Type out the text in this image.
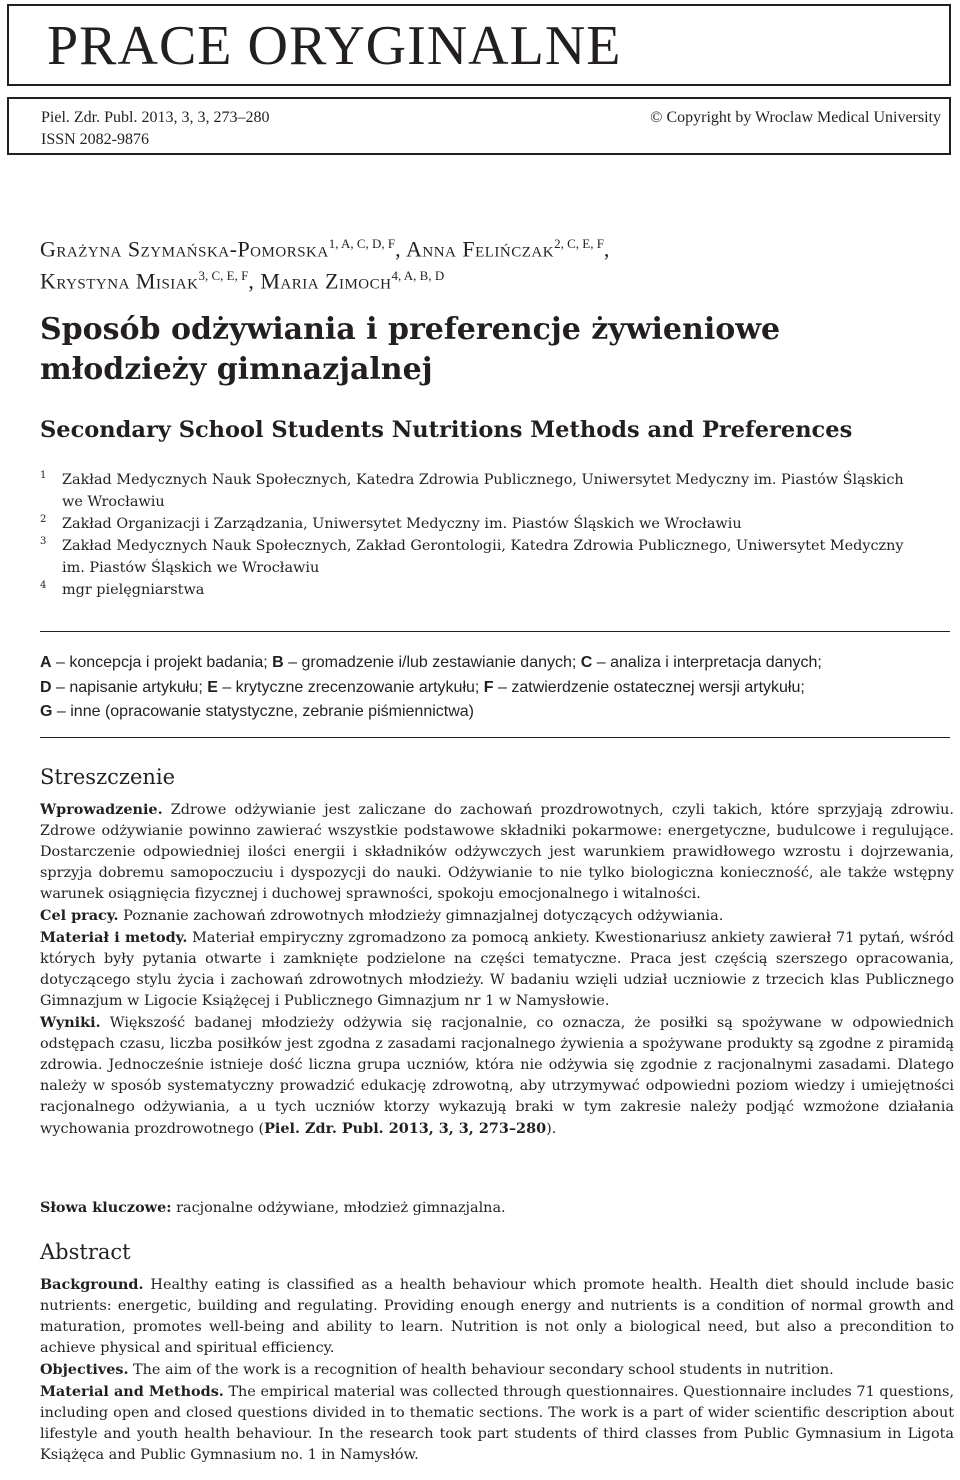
PRACE ORYGINALNE
Piel. Zdr. Publ. 2013, 3, 3, 273–280
ISSN 2082-9876
© Copyright by Wroclaw Medical University
Grażyna Szymańska-Pomorska$^{1, A, C, D, F}$, Anna Felińczak$^{2, C, E, F}$,
Krystyna Misiak$^{3, C, E, F}$, Maria Zimoch$^{4, A, B, D}$
Sposób odżywiania i preferencje żywieniowe młodzieży gimnazjalnej
Secondary School Students Nutritions Methods and Preferences
1 Zakład Medycznych Nauk Społecznych, Katedra Zdrowia Publicznego, Uniwersytet Medyczny im. Piastów Śląskich we Wrocławiu
2 Zakład Organizacji i Zarządzania, Uniwersytet Medyczny im. Piastów Śląskich we Wrocławiu
3 Zakład Medycznych Nauk Społecznych, Zakład Gerontologii, Katedra Zdrowia Publicznego, Uniwersytet Medyczny im. Piastów Śląskich we Wrocławiu
4 mgr pielęgniarstwa
A – koncepcja i projekt badania; B – gromadzenie i/lub zestawianie danych; C – analiza i interpretacja danych;
D – napisanie artykułu; E – krytyczne zrecenzowanie artykułu; F – zatwierdzenie ostatecznej wersji artykułu;
G – inne (opracowanie statystyczne, zebranie piśmiennictwa)
Streszczenie

Wprowadzenie. Zdrowe odżywianie jest zaliczane do zachowań prozdrowotnych, czyli takich, które sprzyjają zdrowiu. Zdrowe odżywianie powinno zawierać wszystkie podstawowe składniki pokarmowe: energetyczne, budulcowe i regulujące. Dostarczenie odpowiedniej ilości energii i składników odżywczych jest warunkiem prawidłowego wzrostu i dojrzewania, sprzyja dobremu samopoczuciu i dyspozycji do nauki. Odżywianie to nie tylko biologiczna konieczność, ale także wstępny warunek osiągnięcia fizycznej i duchowej sprawności, spokoju emocjonalnego i witalności.

Cel pracy. Poznanie zachowań zdrowotnych młodzieży gimnazjalnej dotyczących odżywiania.

Materiał i metody. Materiał empiryczny zgromadzono za pomocą ankiety. Kwestionariusz ankiety zawierał 71 pytań, wśród których były pytania otwarte i zamknięte podzielone na części tematyczne. Praca jest częścią szerszego opracowania, dotyczącego stylu życia i zachowań zdrowotnych młodzieży. W badaniu wzięli udział uczniowie z trzecich klas Publicznego Gimnazjum w Ligocie Książęcej i Publicznego Gimnazjum nr 1 w Namysłowie.

Wyniki. Większość badanej młodzieży odżywia się racjonalnie, co oznacza, że posiłki są spożywane w odpowiednich odstępach czasu, liczba posiłków jest zgodna z zasadami racjonalnego żywienia a spożywane produkty są zgodne z piramidą zdrowia. Jednocześnie istnieje dość liczna grupa uczniów, która nie odżywia się zgodnie z racjonalnymi zasadami. Dlatego należy w sposób systematyczny prowadzić edukację zdrowotną, aby utrzymywać odpowiedni poziom wiedzy i umiejętności racjonalnego odżywiania, a u tych uczniów ktorzy wykazują braki w tym zakresie należy podjąć wzmożone działania wychowania prozdrowotnego (Piel. Zdr. Publ. 2013, 3, 3, 273–280).

Słowa kluczowe: racjonalne odżywiane, młodzież gimnazjalna.
Abstract

Background. Healthy eating is classified as a health behaviour which promote health. Health diet should include basic nutrients: energetic, building and regulating. Providing enough energy and nutrients is a condition of normal growth and maturation, promotes well-being and ability to learn. Nutrition is not only a biological need, but also a precondition to achieve physical and spiritual efficiency.

Objectives. The aim of the work is a recognition of health behaviour secondary school students in nutrition.

Material and Methods. The empirical material was collected through questionnaires. Questionnaire includes 71 questions, including open and closed questions divided in to thematic sections. The work is a part of wider scientific description about lifestyle and youth health behaviour. In the research took part students of third classes from Public Gymnasium in Ligota Książęca and Public Gymnasium no. 1 in Namysłów.
